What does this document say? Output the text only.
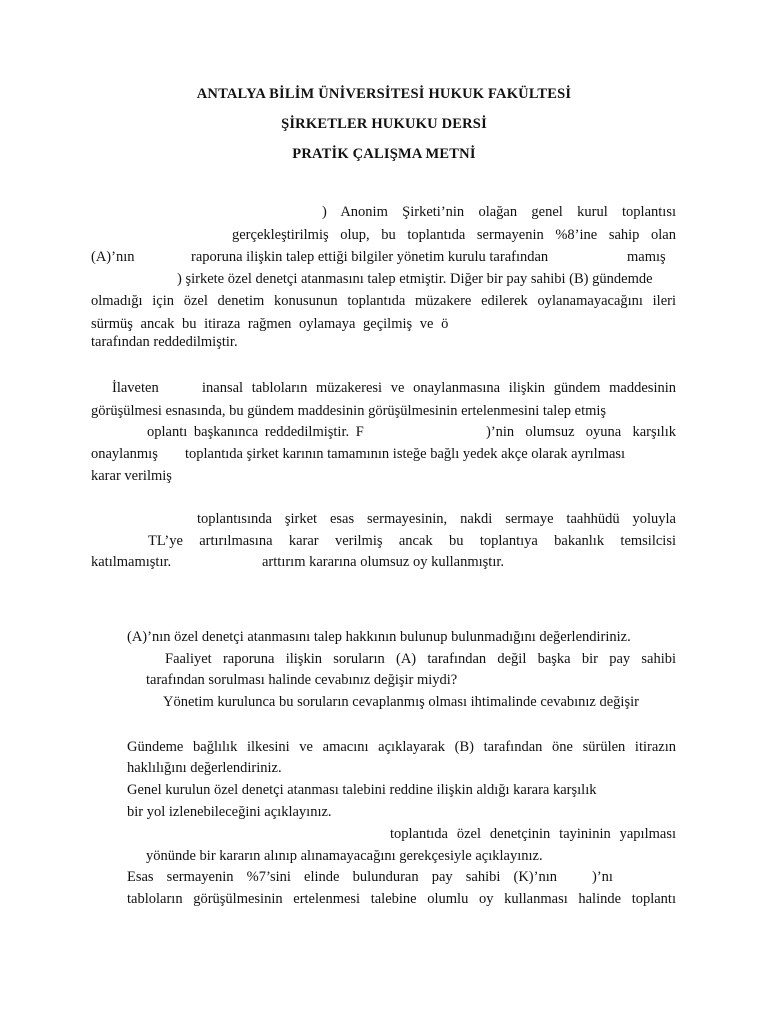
ANTALYA BİLİM ÜNİVERSİTESİ HUKUK FAKÜLTESİ
ŞİRKETLER HUKUKU DERSİ
PRATİK ÇALIŞMA METNİ
) Anonim Şirketi’nin olağan genel kurul toplantısı
gerçekleştirilmiş olup, bu toplantıda sermayenin %8’ine sahip olan
(A)’nın	raporuna ilişkin talep ettiği bilgiler yönetim kurulu tarafından	mamış
) şirkete özel denetçi atanmasını talep etmiştir. Diğer bir pay sahibi (B) gündemde
olmadığı için özel denetim konusunun toplantıda müzakere edilerek oylanamayacağını ileri
sürmüş ancak bu itiraza rağmen oylamaya geçilmiş ve ö
tarafından reddedilmiştir.
İlaveten	inansal tabloların müzakeresi ve onaylanmasına ilişkin gündem maddesinin
görüşülmesi esnasında, bu gündem maddesinin görüşülmesinin ertelenmesini talep etmiş
oplantı başkanınca reddedilmiştir. F	)’nin olumsuz oyuna karşılık
onaylanmış toplantıda şirket karının tamamının isteğe bağlı yedek akçe olarak ayrılması
karar verilmiş
toplantısında şirket esas sermayesinin, nakdi sermaye taahhüdü yoluyla
TL’ye artırılmasına karar verilmiş ancak bu toplantıya bakanlık temsilcisi
katılmamıştır.	arttırım kararına olumsuz oy kullanmıştır.
(A)’nın özel denetçi atanmasını talep hakkının bulunup bulunmadığını değerlendiriniz.
Faaliyet raporuna ilişkin soruların (A) tarafından değil başka bir pay sahibi
tarafından sorulması halinde cevabınız değişir miydi?
Yönetim kurulunca bu soruların cevaplanmış olması ihtimalinde cevabınız değişir
Gündeme bağlılık ilkesini ve amacını açıklayarak (B) tarafından öne sürülen itirazın
haklılığını değerlendiriniz.
Genel kurulun özel denetçi atanması talebini reddine ilişkin aldığı karara karşılık
bir yol izlenebileceğini açıklayınız.
toplantıda özel denetçinin tayininin yapılması
yönünde bir kararın alınıp alınamayacağını gerekçesiyle açıklayınız.
Esas sermayenin %7’sini elinde bulunduran pay sahibi (K)’nın )’nı
tabloların görüşülmesinin ertelenmesi talebine olumlu oy kullanması halinde toplantı
